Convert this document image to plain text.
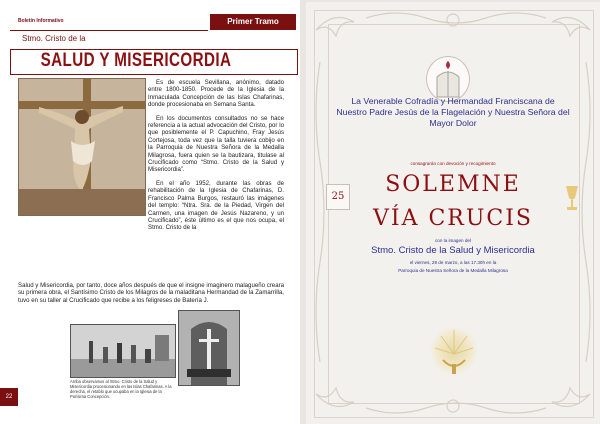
Boletín Informativo	Primer Tramo
Stmo. Cristo de la
SALUD Y MISERICORDIA

Es de escuela Sevillana, anónimo, datado entre 1800-1850. Procede de la Iglesia de la Inmaculada Concepción de las Islas Chafarinas, donde procesionaba en Semana Santa.

En los documentos consultados no se hace referencia a la actual advocación del Cristo, por lo que posiblemente el P. Capuchino, Fray Jesús Cortejosa, toda vez que la talla tuviera cobijo en la Parroquia de Nuestra Señora de la Medalla Milagrosa, fuera quien se la bautizara, titulase al Crucificado como “Stmo. Cristo de la Salud y Misericordia”.

En el año 1952, durante las obras de rehabilitación de la Iglesia de Chafarinas, D. Francisco Palma Burgos, restauró las imágenes del templo: “Ntra. Sra. de la Piedad, Virgen del Carmen, una imagen de Jesús Nazareno, y un Crucificado”, éste último es el que nos ocupa, el Stmo. Cristo de la

Salud y Misericordia, por tanto, doce años después de que el insigne imaginero malagueño creara su primera obra, el Santísimo Cristo de los Milagros de la maladitana Hermandad de la Zamarrilla, tuvo en su taller al Crucificado que recibe a los feligreses de Batería J.
Arriba observamos al Stmo. Cristo de la Salud y Misericordia procesionando en las Islas Chafarinas. A la derecha, el retablo que ocupaba en la Iglesia de la Purísima Concepción.
22
La Venerable Cofradía y Hermandad Franciscana de Nuestro Padre Jesús de la Flagelación y Nuestra Señora del Mayor Dolor
consagrarán con devoción y recogimiento
25	SOLEMNE
VÍA CRUCIS
con la imagen del
Stmo. Cristo de la Salud y Misericordia
el viernes, 29 de marzo, a las 17.30h en la
Parroquia de Nuestra Señora de la Medalla Milagrosa
